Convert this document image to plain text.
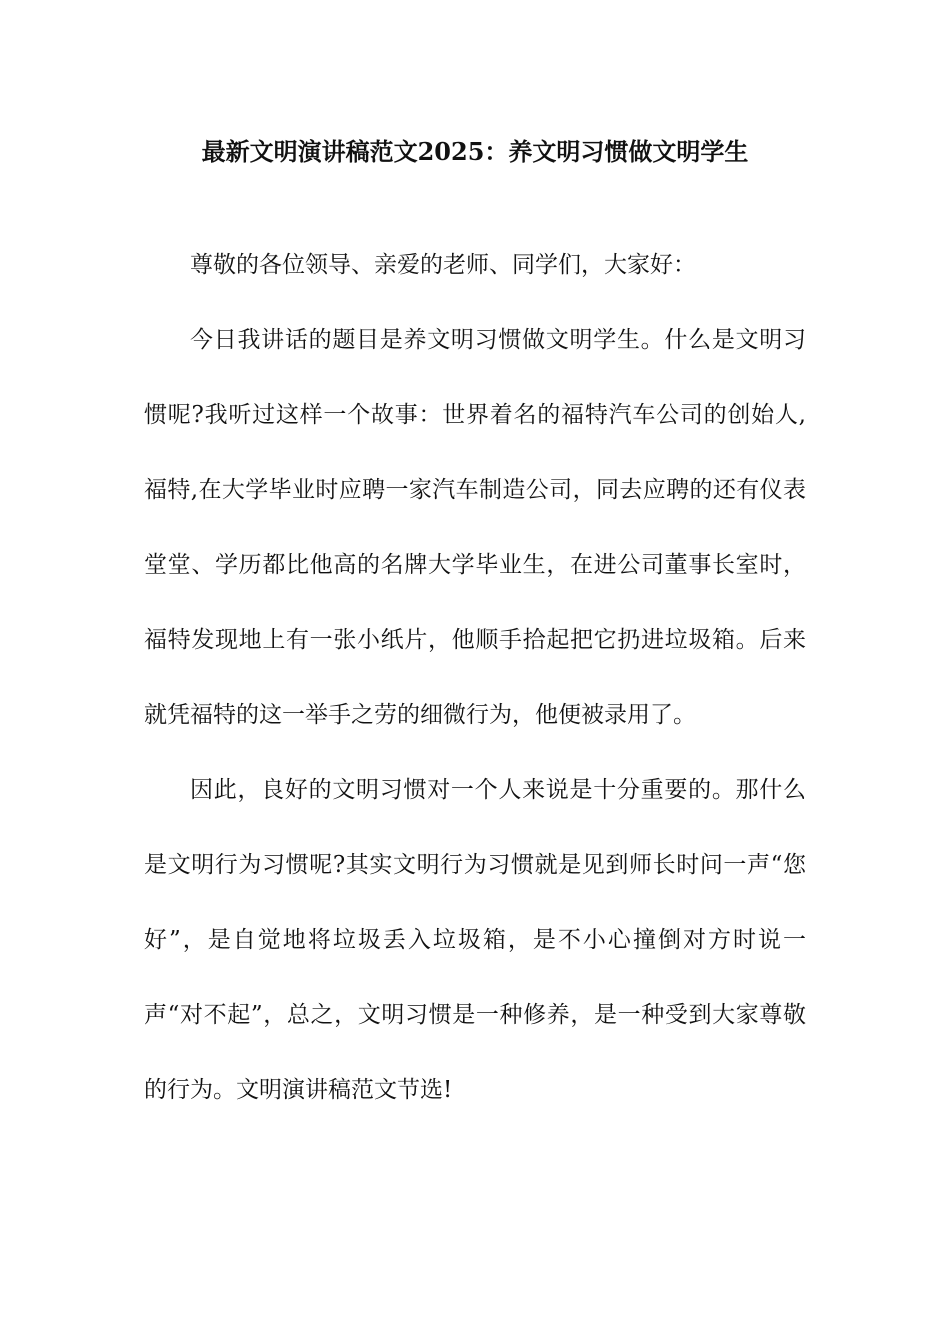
最新文明演讲稿范文2025：养文明习惯做文明学生

尊敬的各位领导、亲爱的老师、同学们，大家好：

今日我讲话的题目是养文明习惯做文明学生。什么是文明习惯呢?我听过这样一个故事：世界着名的福特汽车公司的创始人,福特,在大学毕业时应聘一家汽车制造公司，同去应聘的还有仪表堂堂、学历都比他高的名牌大学毕业生，在进公司董事长室时，福特发现地上有一张小纸片，他顺手拾起把它扔进垃圾箱。后来就凭福特的这一举手之劳的细微行为，他便被录用了。

因此，良好的文明习惯对一个人来说是十分重要的。那什么是文明行为习惯呢?其实文明行为习惯就是见到师长时问一声“您好”，是自觉地将垃圾丢入垃圾箱，是不小心撞倒对方时说一声“对不起”，总之，文明习惯是一种修养，是一种受到大家尊敬的行为。文明演讲稿范文节选!
